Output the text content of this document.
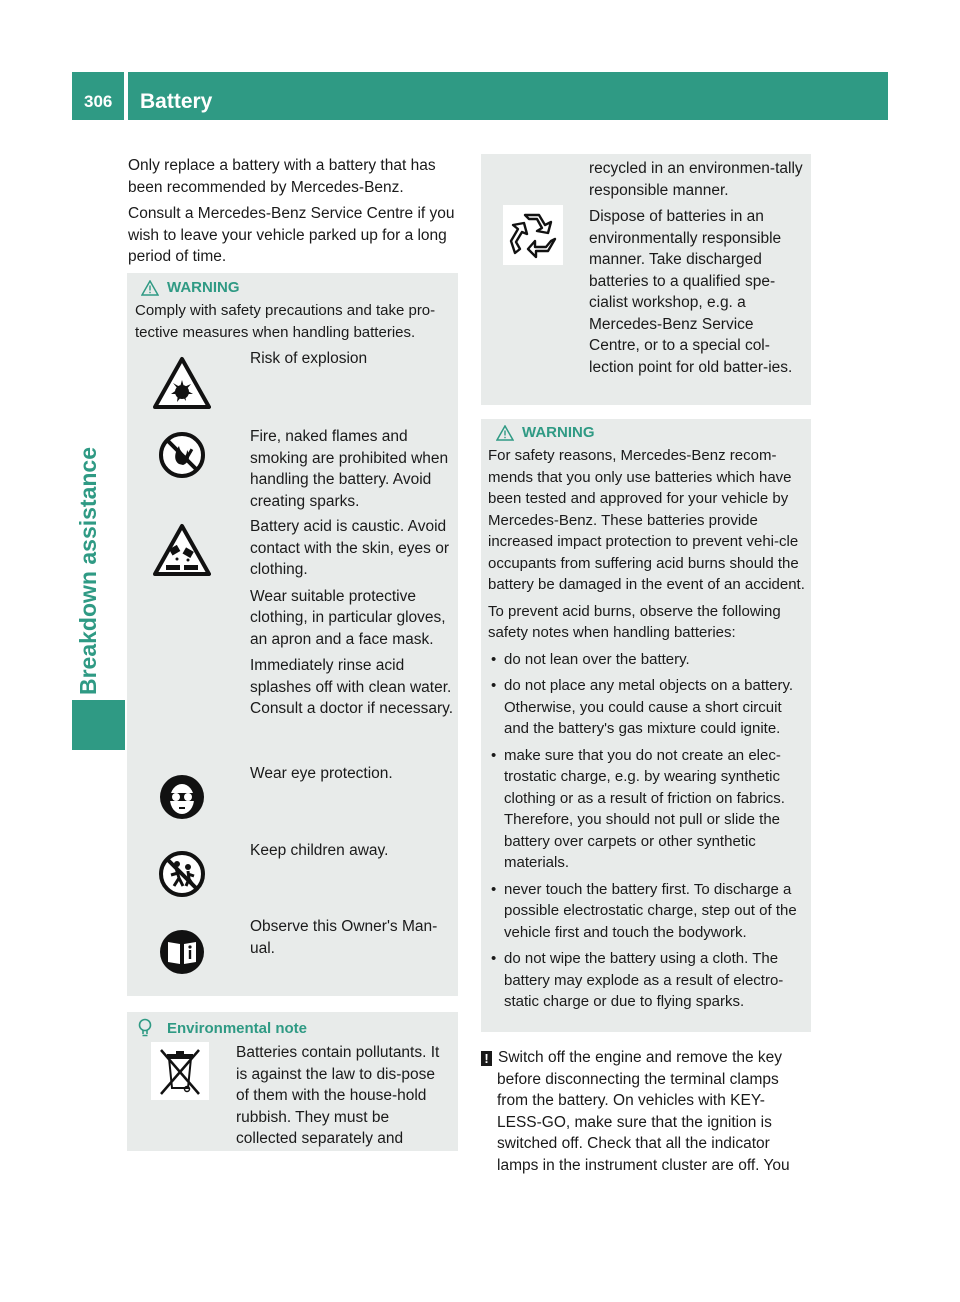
306 Battery
Breakdown assistance

Only replace a battery with a battery that has been recommended by Mercedes-Benz.

Consult a Mercedes-Benz Service Centre if you wish to leave your vehicle parked up for a long period of time.

WARNING

Comply with safety precautions and take pro-tective measures when handling batteries.

Risk of explosion

Fire, naked flames and smoking are prohibited when handling the battery. Avoid creating sparks.

Battery acid is caustic. Avoid contact with the skin, eyes or clothing.

Wear suitable protective clothing, in particular gloves, an apron and a face mask.

Immediately rinse acid splashes off with clean water. Consult a doctor if necessary.

Wear eye protection.

Keep children away.

Observe this Owner's Man-ual.

Environmental note

Batteries contain pollutants. It is against the law to dis-pose of them with the house-hold rubbish. They must be collected separately and

recycled in an environmen-tally responsible manner.

Dispose of batteries in an environmentally responsible manner. Take discharged batteries to a qualified spe-cialist workshop, e.g. a Mercedes-Benz Service Centre, or to a special col-lection point for old batter-ies.

WARNING

For safety reasons, Mercedes-Benz recom-mends that you only use batteries which have been tested and approved for your vehicle by Mercedes-Benz. These batteries provide increased impact protection to prevent vehi-cle occupants from suffering acid burns should the battery be damaged in the event of an accident.

To prevent acid burns, observe the following safety notes when handling batteries:

• do not lean over the battery.

• do not place any metal objects on a battery. Otherwise, you could cause a short circuit and the battery's gas mixture could ignite.

• make sure that you do not create an elec-trostatic charge, e.g. by wearing synthetic clothing or as a result of friction on fabrics. Therefore, you should not pull or slide the battery over carpets or other synthetic materials.

• never touch the battery first. To discharge a possible electrostatic charge, step out of the vehicle first and touch the bodywork.

• do not wipe the battery using a cloth. The battery may explode as a result of electro-static charge or due to flying sparks.

! Switch off the engine and remove the key
before disconnecting the terminal clamps
from the battery. On vehicles with KEY-
LESS-GO, make sure that the ignition is
switched off. Check that all the indicator
lamps in the instrument cluster are off. You
